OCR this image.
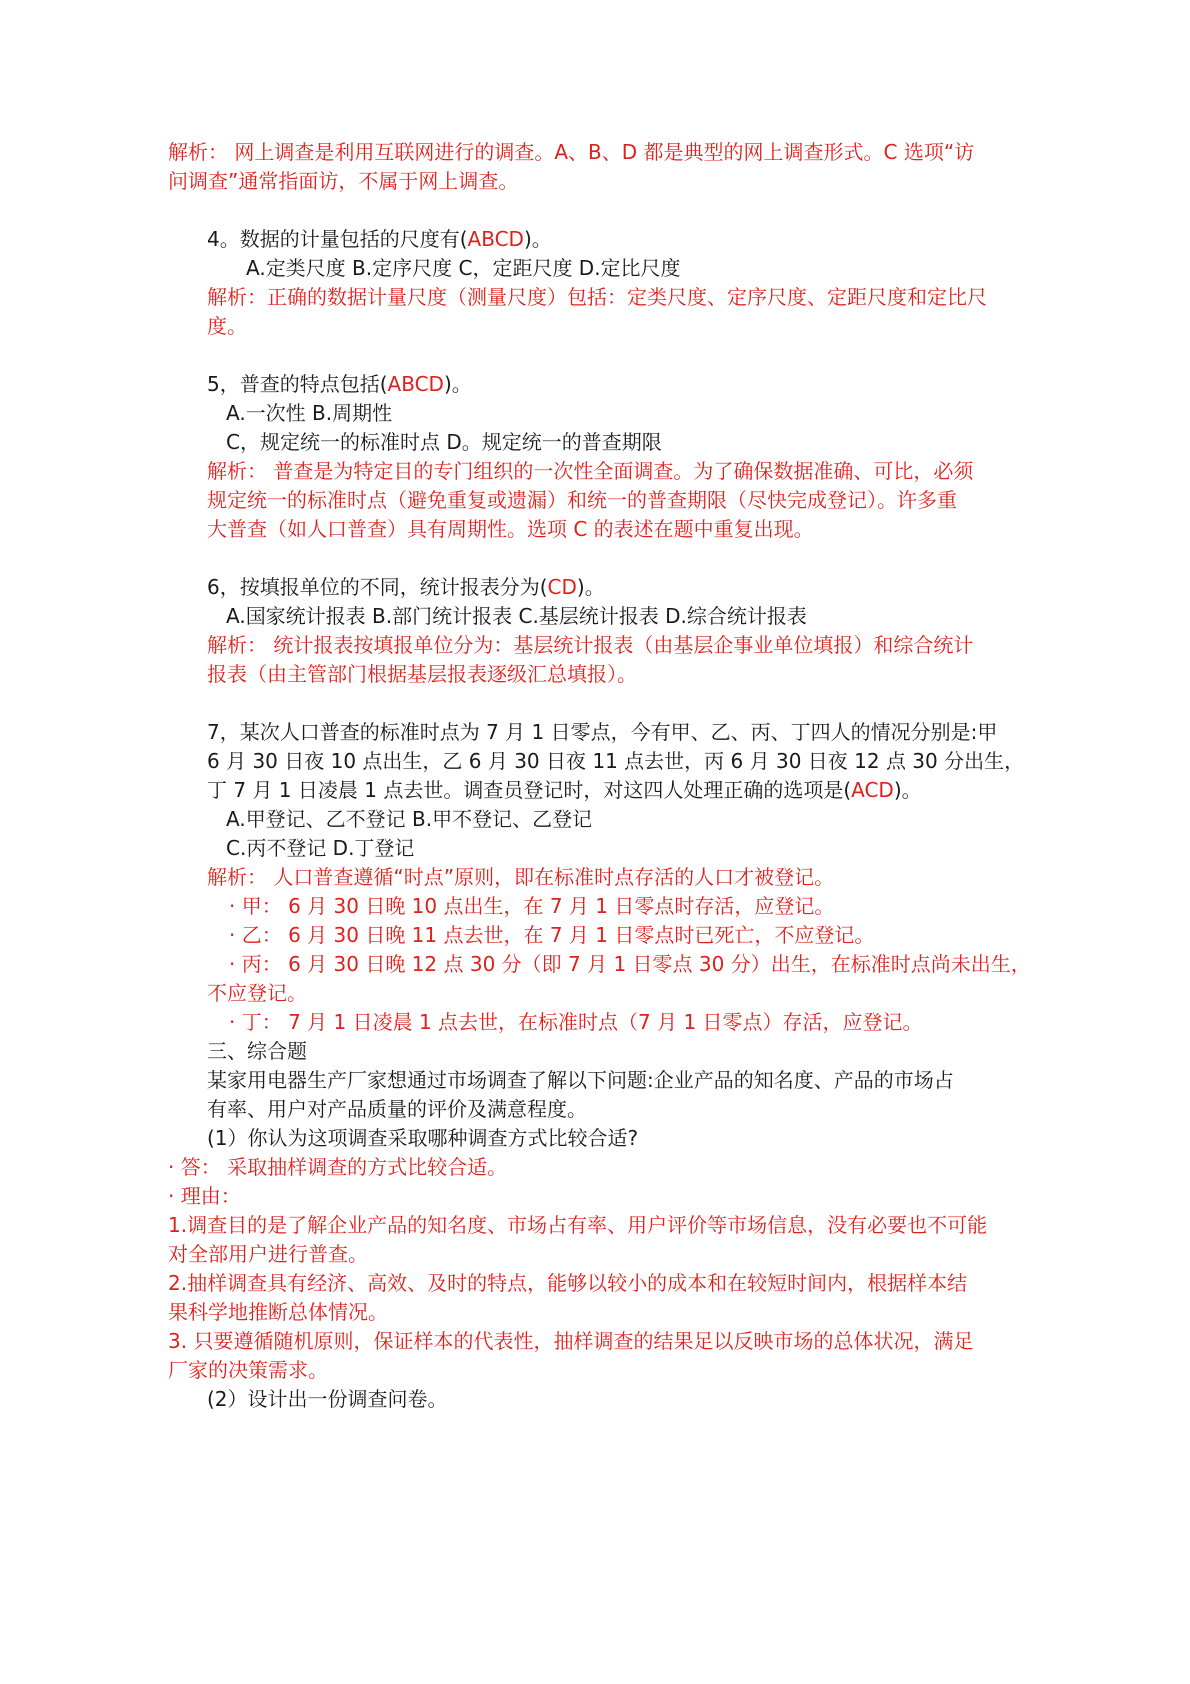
解析： 网上调查是利用互联网进行的调查。A、B、D 都是典型的网上调查形式。C 选项“访
问调查”通常指面访，不属于网上调查。
4。数据的计量包括的尺度有(ABCD)。
A.定类尺度 B.定序尺度 C，定距尺度 D.定比尺度
解析：正确的数据计量尺度（测量尺度）包括：定类尺度、定序尺度、定距尺度和定比尺
度。
5，普查的特点包括(ABCD)。
A.一次性 B.周期性
C，规定统一的标准时点 D。规定统一的普查期限
解析： 普查是为特定目的专门组织的一次性全面调查。为了确保数据准确、可比，必须
规定统一的标准时点（避免重复或遗漏）和统一的普查期限（尽快完成登记）。许多重
大普查（如人口普查）具有周期性。选项 C 的表述在题中重复出现。
6，按填报单位的不同，统计报表分为(CD)。
A.国家统计报表 B.部门统计报表 C.基层统计报表 D.综合统计报表
解析： 统计报表按填报单位分为：基层统计报表（由基层企事业单位填报）和综合统计
报表（由主管部门根据基层报表逐级汇总填报）。
7，某次人口普查的标准时点为 7 月 1 日零点，今有甲、乙、丙、丁四人的情况分别是:甲
6 月 30 日夜 10 点出生，乙 6 月 30 日夜 11 点去世，丙 6 月 30 日夜 12 点 30 分出生，
丁 7 月 1 日凌晨 1 点去世。调查员登记时，对这四人处理正确的选项是(ACD)。
A.甲登记、乙不登记 B.甲不登记、乙登记
C.丙不登记 D.丁登记
解析： 人口普查遵循“时点”原则，即在标准时点存活的人口才被登记。
· 甲： 6 月 30 日晚 10 点出生，在 7 月 1 日零点时存活，应登记。
· 乙： 6 月 30 日晚 11 点去世，在 7 月 1 日零点时已死亡，不应登记。
· 丙： 6 月 30 日晚 12 点 30 分（即 7 月 1 日零点 30 分）出生，在标准时点尚未出生，
不应登记。
· 丁： 7 月 1 日凌晨 1 点去世，在标准时点（7 月 1 日零点）存活，应登记。
三、综合题
某家用电器生产厂家想通过市场调查了解以下问题:企业产品的知名度、产品的市场占
有率、用户对产品质量的评价及满意程度。
(1）你认为这项调查采取哪种调查方式比较合适?
· 答： 采取抽样调查的方式比较合适。
· 理由：
1.调查目的是了解企业产品的知名度、市场占有率、用户评价等市场信息，没有必要也不可能
对全部用户进行普查。
2.抽样调查具有经济、高效、及时的特点，能够以较小的成本和在较短时间内，根据样本结
果科学地推断总体情况。
3. 只要遵循随机原则，保证样本的代表性，抽样调查的结果足以反映市场的总体状况，满足
厂家的决策需求。
(2）设计出一份调查问卷。
